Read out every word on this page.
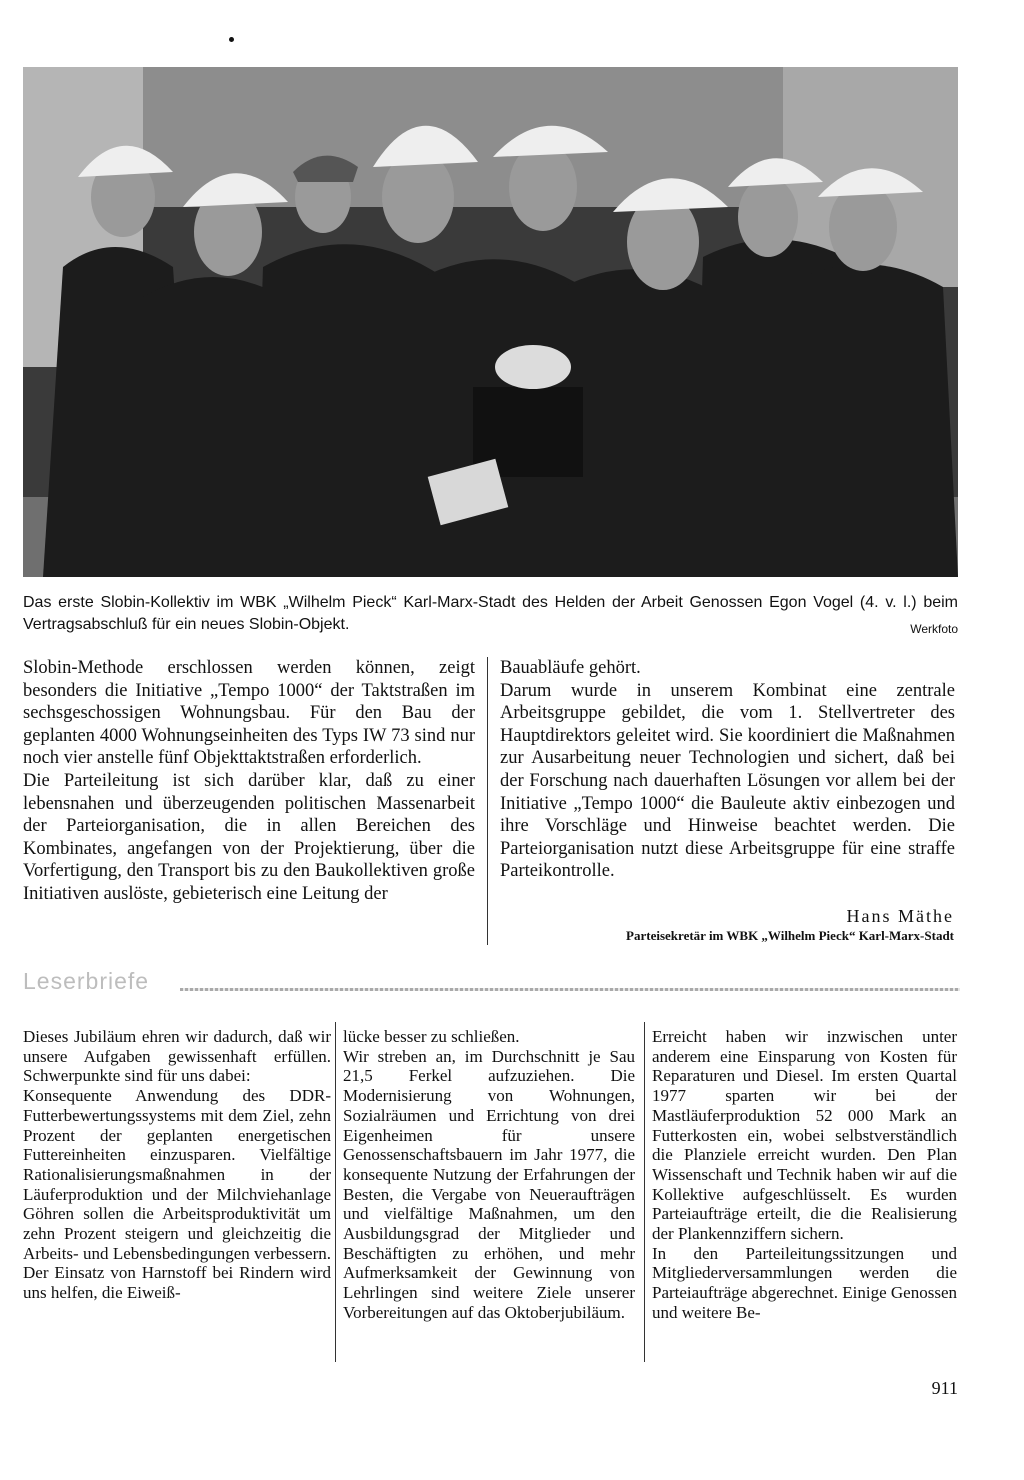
Das erste Slobin-Kollektiv im WBK „Wilhelm Pieck“ Karl-Marx-Stadt des Helden der Arbeit Genossen Egon Vogel (4. v. l.) beim Vertragsabschluß für ein neues Slobin-Objekt.	Werkfoto

Slobin-Methode erschlossen werden können, zeigt besonders die Initiative „Tempo 1000“ der Taktstraßen im sechsgeschossigen Wohnungsbau. Für den Bau der geplanten 4000 Wohnungseinheiten des Typs IW 73 sind nur noch vier anstelle fünf Objekttaktstraßen erforderlich.

Die Parteileitung ist sich darüber klar, daß zu einer lebensnahen und überzeugenden politischen Massenarbeit der Parteiorganisation, die in allen Bereichen des Kombinates, angefangen von der Projektierung, über die Vorfertigung, den Transport bis zu den Baukollektiven große Initiativen auslöste, gebieterisch eine Leitung der

Bauabläufe gehört.

Darum wurde in unserem Kombinat eine zentrale Arbeitsgruppe gebildet, die vom 1. Stellvertreter des Hauptdirektors geleitet wird. Sie koordiniert die Maßnahmen zur Ausarbeitung neuer Technologien und sichert, daß bei der Forschung nach dauerhaften Lösungen vor allem bei der Initiative „Tempo 1000“ die Bauleute aktiv einbezogen und ihre Vorschläge und Hinweise beachtet werden. Die Parteiorganisation nutzt diese Arbeitsgruppe für eine straffe Parteikontrolle.

Hans Mäthe
Parteisekretär im WBK „Wilhelm Pieck“ Karl-Marx-Stadt
Leserbriefe

Dieses Jubiläum ehren wir dadurch, daß wir unsere Aufgaben gewissenhaft erfüllen. Schwerpunkte sind für uns dabei:

Konsequente Anwendung des DDR-Futterbewertungssystems mit dem Ziel, zehn Prozent der geplanten energetischen Futtereinheiten einzusparen. Vielfältige Rationalisierungsmaßnahmen in der Läuferproduktion und der Milchviehanlage Göhren sollen die Arbeitsproduktivität um zehn Prozent steigern und gleichzeitig die Arbeits- und Lebensbedingungen verbessern. Der Einsatz von Harnstoff bei Rindern wird uns helfen, die Eiweiß-

lücke besser zu schließen.

Wir streben an, im Durchschnitt je Sau 21,5 Ferkel aufzuziehen. Die Modernisierung von Wohnungen, Sozialräumen und Errichtung von drei Eigenheimen für unsere Genossenschaftsbauern im Jahr 1977, die konsequente Nutzung der Erfahrungen der Besten, die Vergabe von Neueraufträgen und vielfältige Maßnahmen, um den Ausbildungsgrad der Mitglieder und Beschäftigten zu erhöhen, und mehr Aufmerksamkeit der Gewinnung von Lehrlingen sind weitere Ziele unserer Vorbereitungen auf das Oktoberjubiläum.

Erreicht haben wir inzwischen unter anderem eine Einsparung von Kosten für Reparaturen und Diesel. Im ersten Quartal 1977 sparten wir bei der Mastläuferproduktion 52 000 Mark an Futterkosten ein, wobei selbstverständlich die Planziele erreicht wurden. Den Plan Wissenschaft und Technik haben wir auf die Kollektive aufgeschlüsselt. Es wurden Parteiaufträge erteilt, die die Realisierung der Plankennziffern sichern.

In den Parteileitungssitzungen und Mitgliederversammlungen werden die Parteiaufträge abgerechnet. Einige Genossen und weitere Be-

911
